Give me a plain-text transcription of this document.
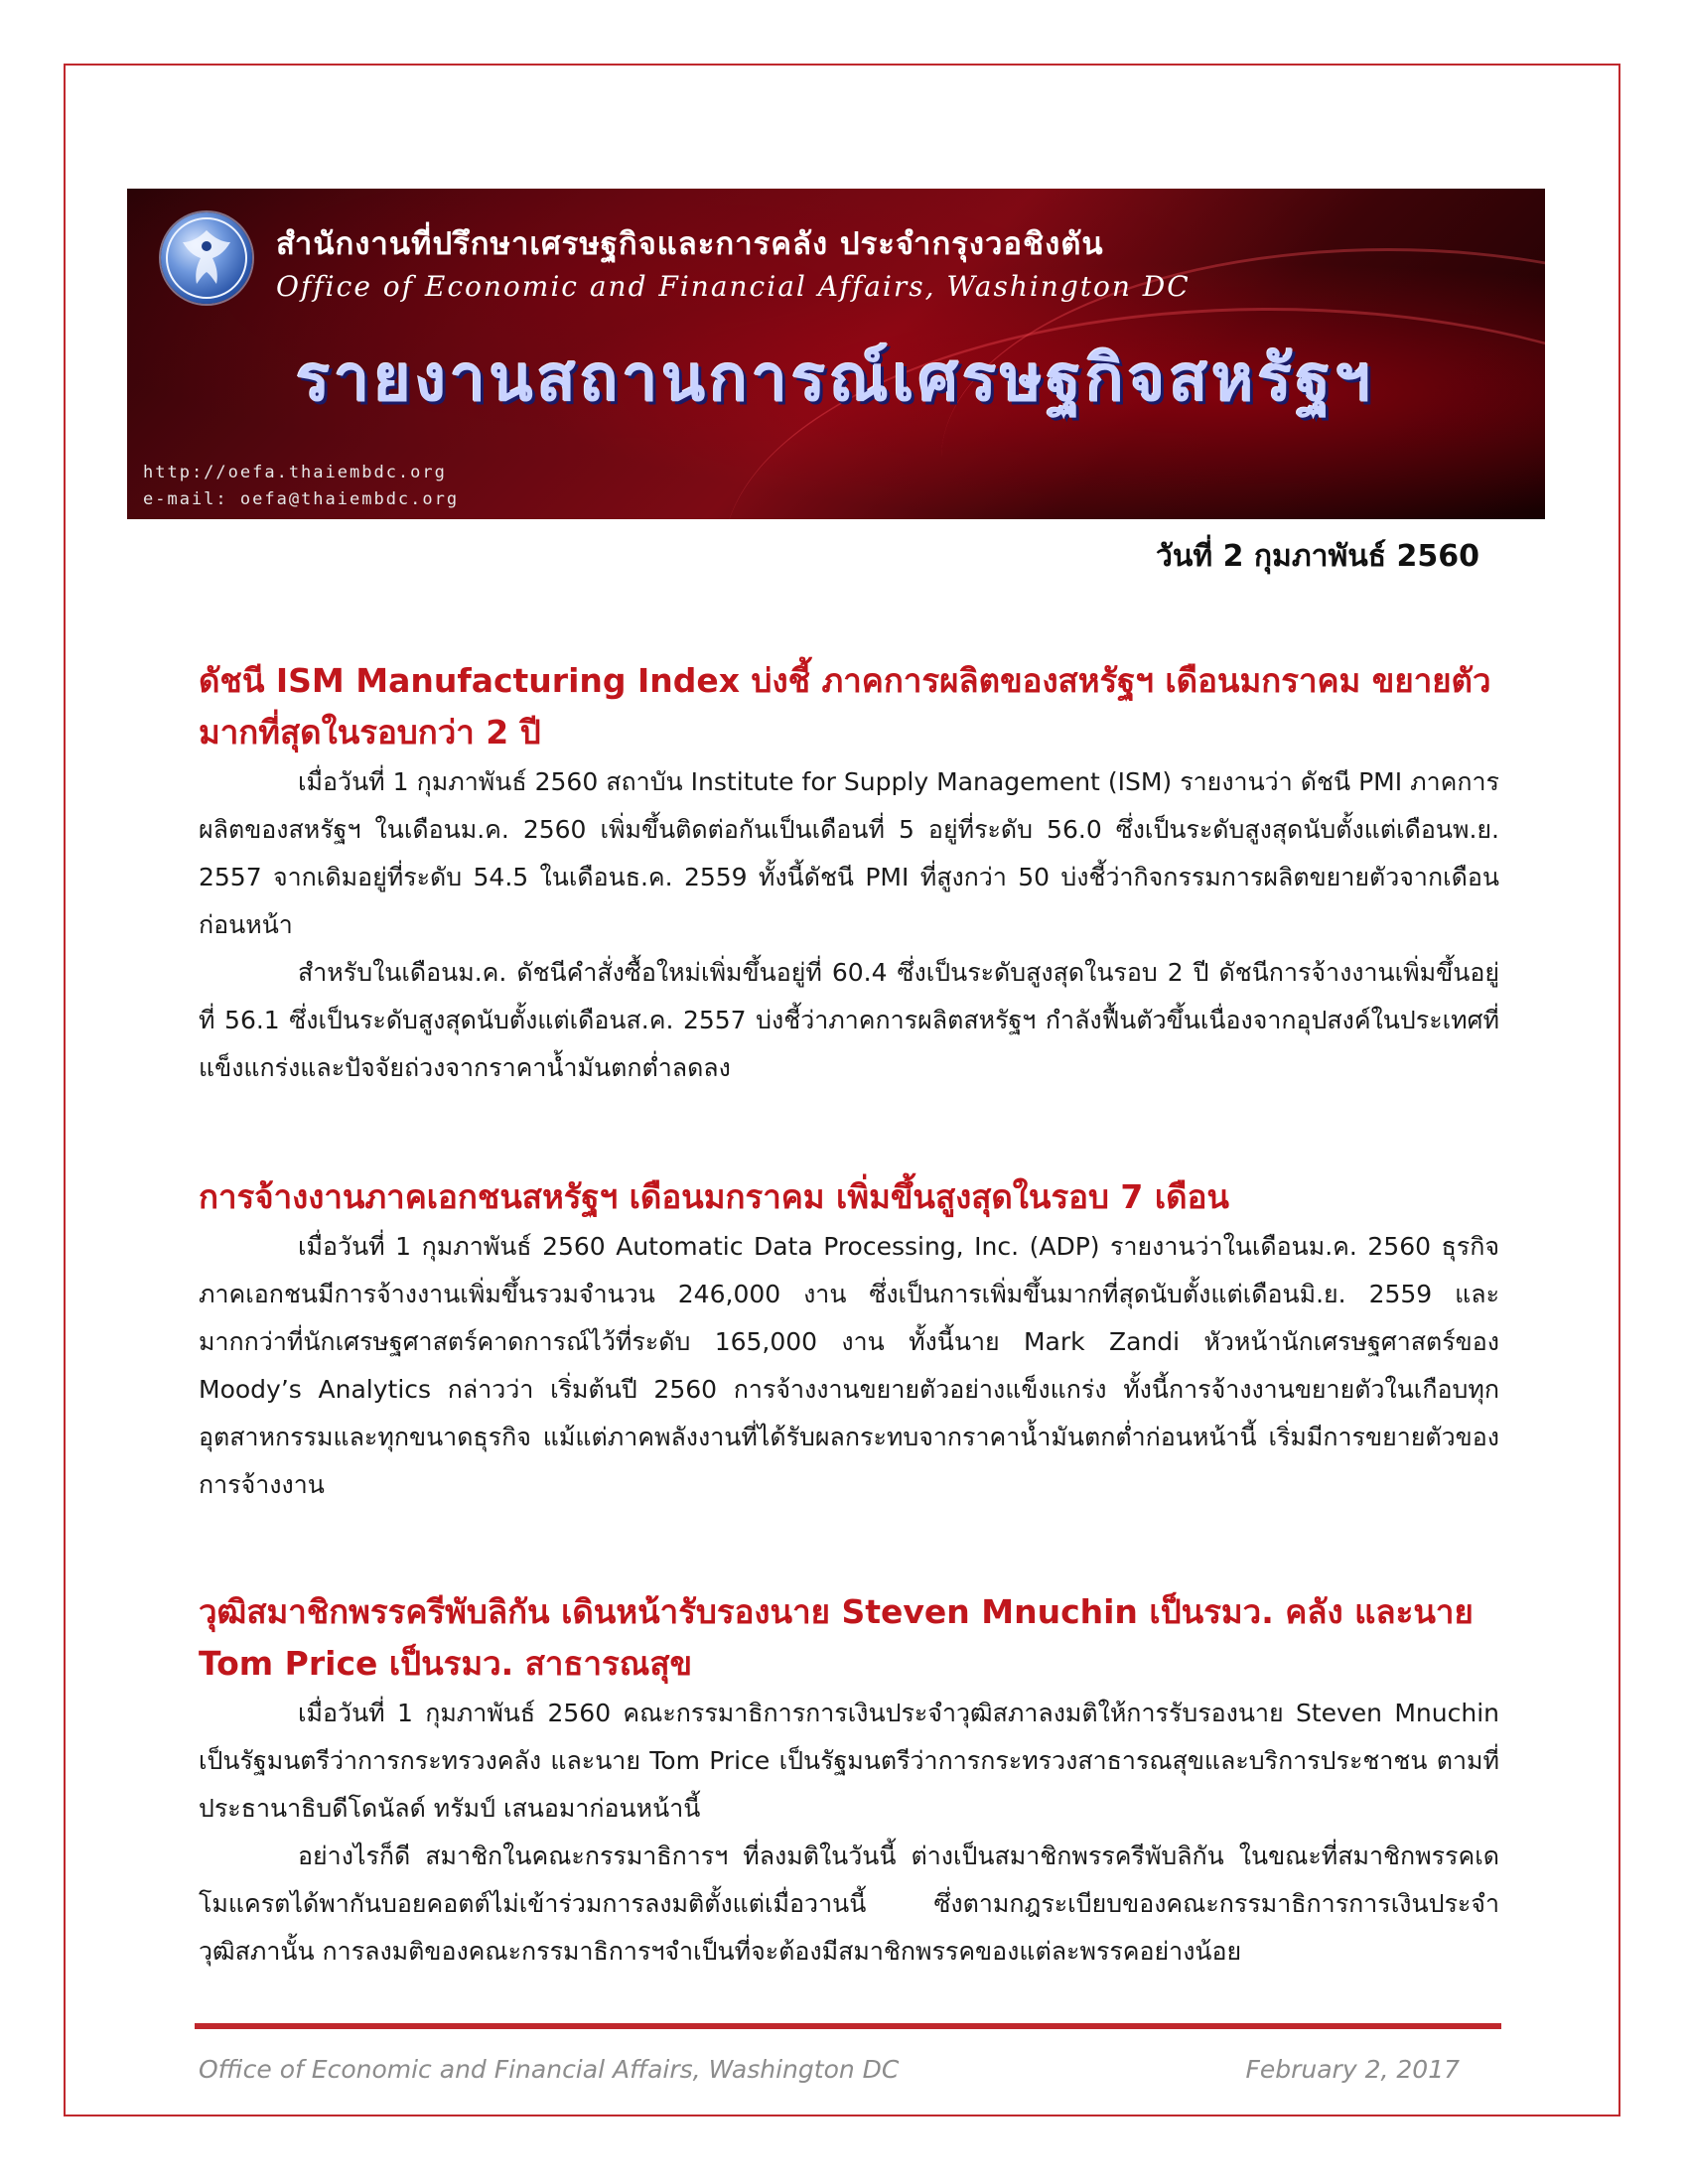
สำนักงานที่ปรึกษาเศรษฐกิจและการคลัง ประจำกรุงวอชิงตัน
Office of Economic and Financial Affairs, Washington DC
รายงานสถานการณ์เศรษฐกิจสหรัฐฯ
http://oefa.thaiembdc.org
e-mail: oefa@thaiembdc.org
วันที่ 2 กุมภาพันธ์ 2560
ดัชนี ISM Manufacturing Index บ่งชี้ ภาคการผลิตของสหรัฐฯ เดือนมกราคม ขยายตัวมากที่สุดในรอบกว่า 2 ปี

เมื่อวันที่ 1 กุมภาพันธ์ 2560 สถาบัน Institute for Supply Management (ISM) รายงานว่า ดัชนี PMI ภาคการผลิตของสหรัฐฯ ในเดือนม.ค. 2560 เพิ่มขึ้นติดต่อกันเป็นเดือนที่ 5 อยู่ที่ระดับ 56.0 ซึ่งเป็นระดับสูงสุดนับตั้งแต่เดือนพ.ย. 2557 จากเดิมอยู่ที่ระดับ 54.5 ในเดือนธ.ค. 2559 ทั้งนี้ดัชนี PMI ที่สูงกว่า 50 บ่งชี้ว่ากิจกรรมการผลิตขยายตัวจากเดือนก่อนหน้า

สำหรับในเดือนม.ค. ดัชนีคำสั่งซื้อใหม่เพิ่มขึ้นอยู่ที่ 60.4 ซึ่งเป็นระดับสูงสุดในรอบ 2 ปี ดัชนีการจ้างงานเพิ่มขึ้นอยู่ที่ 56.1 ซึ่งเป็นระดับสูงสุดนับตั้งแต่เดือนส.ค. 2557 บ่งชี้ว่าภาคการผลิตสหรัฐฯ กำลังฟื้นตัวขึ้นเนื่องจากอุปสงค์ในประเทศที่แข็งแกร่งและปัจจัยถ่วงจากราคาน้ำมันตกต่ำลดลง

การจ้างงานภาคเอกชนสหรัฐฯ เดือนมกราคม เพิ่มขึ้นสูงสุดในรอบ 7 เดือน

เมื่อวันที่ 1 กุมภาพันธ์ 2560 Automatic Data Processing, Inc. (ADP) รายงานว่าในเดือนม.ค. 2560 ธุรกิจภาคเอกชนมีการจ้างงานเพิ่มขึ้นรวมจำนวน 246,000 งาน ซึ่งเป็นการเพิ่มขึ้นมากที่สุดนับตั้งแต่เดือนมิ.ย. 2559 และมากกว่าที่นักเศรษฐศาสตร์คาดการณ์ไว้ที่ระดับ 165,000 งาน ทั้งนี้นาย Mark Zandi หัวหน้านักเศรษฐศาสตร์ของ Moody’s Analytics กล่าวว่า เริ่มต้นปี 2560 การจ้างงานขยายตัวอย่างแข็งแกร่ง ทั้งนี้การจ้างงานขยายตัวในเกือบทุกอุตสาหกรรมและทุกขนาดธุรกิจ แม้แต่ภาคพลังงานที่ได้รับผลกระทบจากราคาน้ำมันตกต่ำก่อนหน้านี้ เริ่มมีการขยายตัวของการจ้างงาน

วุฒิสมาชิกพรรครีพับลิกัน เดินหน้ารับรองนาย Steven Mnuchin เป็นรมว. คลัง และนาย Tom Price เป็นรมว. สาธารณสุข

เมื่อวันที่ 1 กุมภาพันธ์ 2560 คณะกรรมาธิการการเงินประจำวุฒิสภาลงมติให้การรับรองนาย Steven Mnuchin เป็นรัฐมนตรีว่าการกระทรวงคลัง และนาย Tom Price เป็นรัฐมนตรีว่าการกระทรวงสาธารณสุขและบริการประชาชน ตามที่ประธานาธิบดีโดนัลด์ ทรัมป์ เสนอมาก่อนหน้านี้

อย่างไรก็ดี สมาชิกในคณะกรรมาธิการฯ ที่ลงมติในวันนี้ ต่างเป็นสมาชิกพรรครีพับลิกัน ในขณะที่สมาชิกพรรคเดโมแครตได้พากันบอยคอตต์ไม่เข้าร่วมการลงมติตั้งแต่เมื่อวานนี้ ซึ่งตามกฎระเบียบของคณะกรรมาธิการการเงินประจำวุฒิสภานั้น การลงมติของคณะกรรมาธิการฯจำเป็นที่จะต้องมีสมาชิกพรรคของแต่ละพรรคอย่างน้อย

Office of Economic and Financial Affairs, Washington DC	February 2, 2017
